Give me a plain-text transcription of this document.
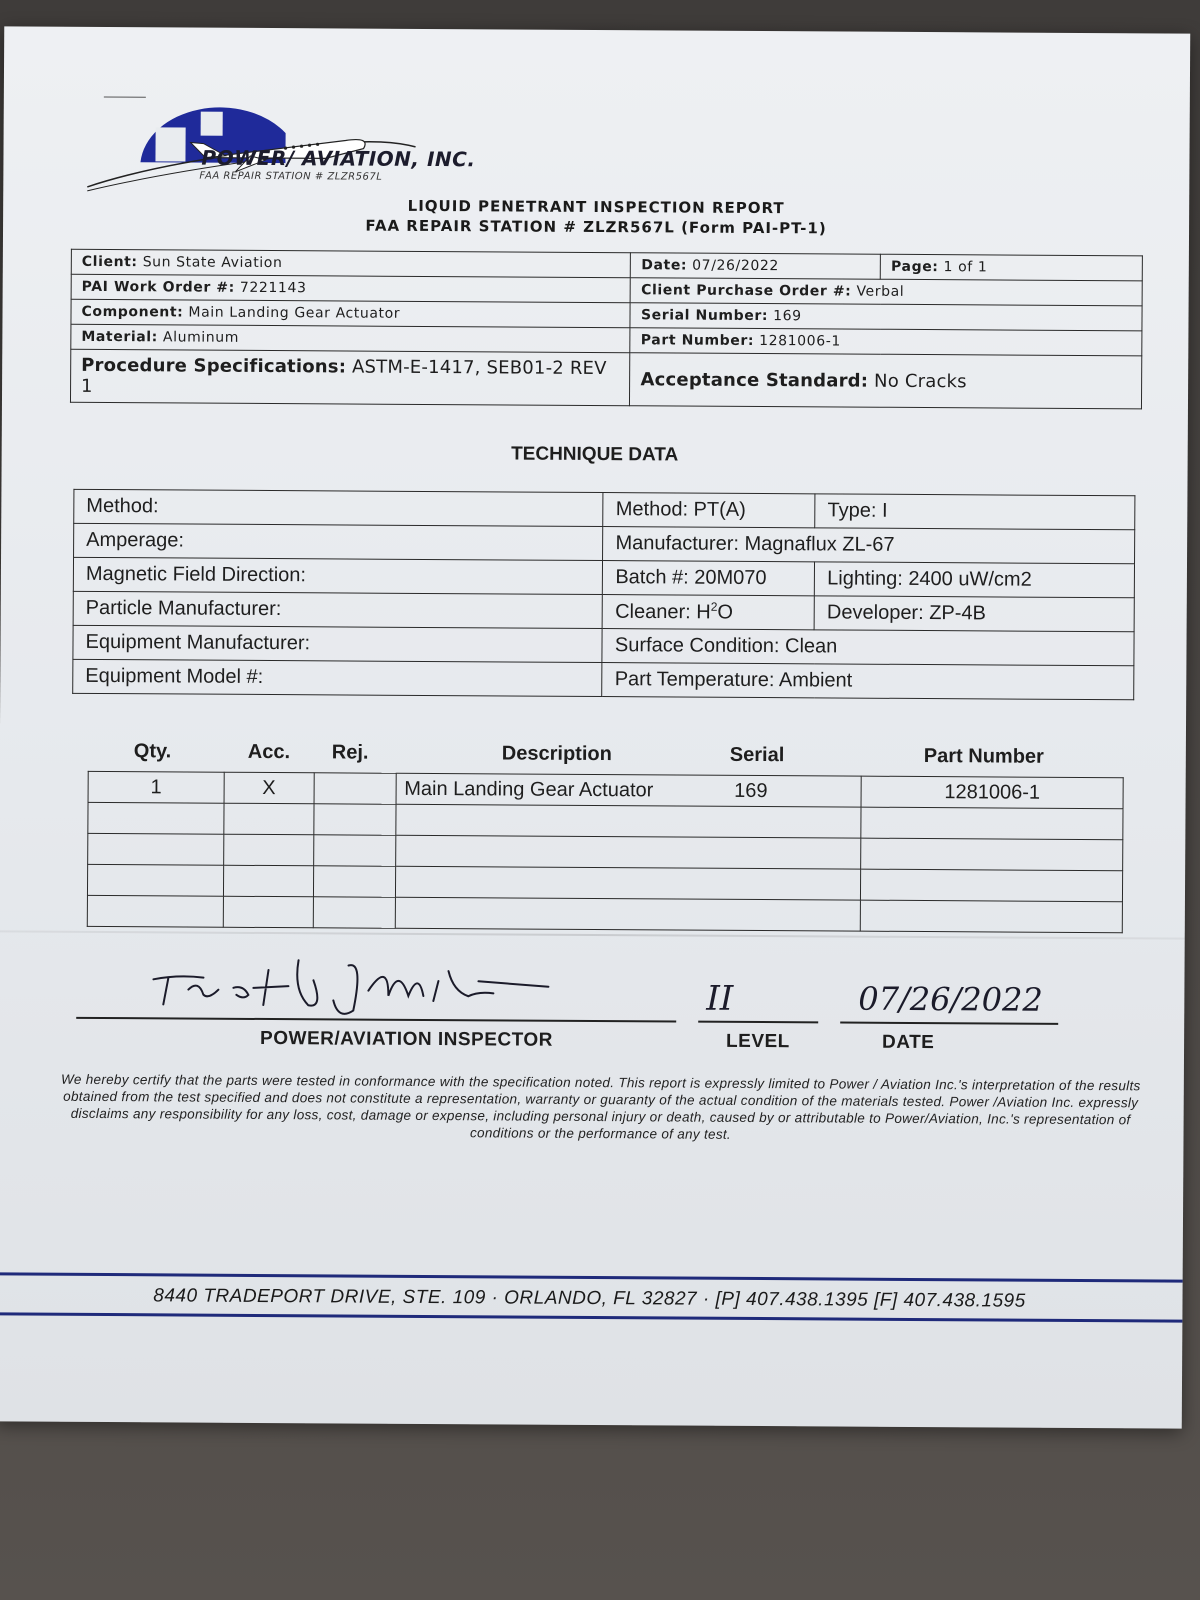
POWER/ AVIATION, INC.
FAA REPAIR STATION # ZLZR567L
LIQUID PENETRANT INSPECTION REPORT
FAA REPAIR STATION # ZLZR567L (Form PAI-PT-1)
Client: Sun State Aviation	Date: 07/26/2022	Page: 1 of 1
PAI Work Order #: 7221143	Client Purchase Order #: Verbal	
Component: Main Landing Gear Actuator	Serial Number: 169	
Material: Aluminum	Part Number: 1281006-1	
Procedure Specifications: ASTM-E-1417, SEB01-2 REV 1	Acceptance Standard: No Cracks	
TECHNIQUE DATA
Method:	Method: PT(A)	Type: I
Amperage:	Manufacturer: Magnaflux ZL-67	
Magnetic Field Direction:	Batch #: 20M070	Lighting: 2400 uW/cm2
Particle Manufacturer:	Cleaner: $H^2O$	Developer: ZP-4B
Equipment Manufacturer:	Surface Condition: Clean	
Equipment Model #:	Part Temperature: Ambient	
Qty.	Acc. Rej.	Description	Serial	Part Number
1	X		Main Landing Gear Actuator 169	1281006-1

POWER/AVIATION INSPECTOR
II
LEVEL
07/26/2022
DATE
We hereby certify that the parts were tested in conformance with the specification noted. This report is expressly limited to Power / Aviation Inc.'s interpretation of the results obtained from the test specified and does not constitute a representation, warranty or guaranty of the actual condition of the materials tested. Power /Aviation Inc. expressly disclaims any responsibility for any loss, cost, damage or expense, including personal injury or death, caused by or attributable to Power/Aviation, Inc.'s representation of conditions or the performance of any test.
8440 TRADEPORT DRIVE, STE. 109 · ORLANDO, FL 32827 · [P] 407.438.1395 [F] 407.438.1595
